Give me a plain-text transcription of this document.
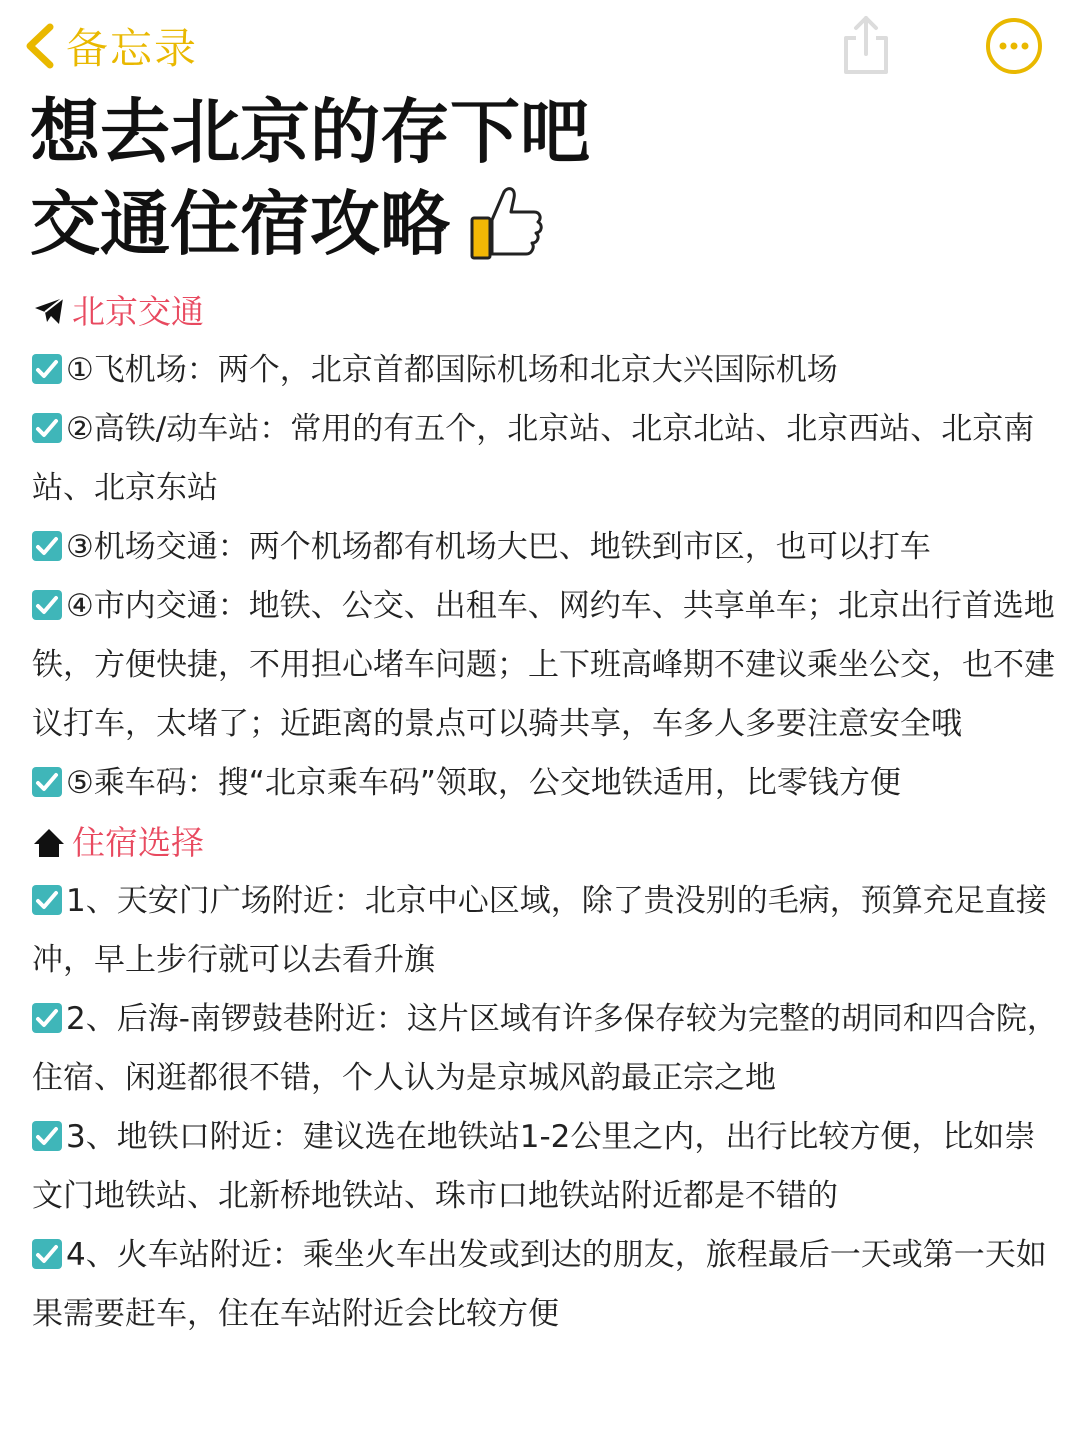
备忘录
想去北京的存下吧
交通住宿攻略
北京交通
①飞机场：两个，北京首都国际机场和北京大兴国际机场
②高铁/动车站：常用的有五个，北京站、北京北站、北京西站、北京南站、北京东站
③机场交通：两个机场都有机场大巴、地铁到市区，也可以打车
④市内交通：地铁、公交、出租车、网约车、共享单车；北京出行首选地铁，方便快捷，不用担心堵车问题；上下班高峰期不建议乘坐公交，也不建议打车，太堵了；近距离的景点可以骑共享，车多人多要注意安全哦
⑤乘车码：搜“北京乘车码”领取，公交地铁适用，比零钱方便
住宿选择
1、天安门广场附近：北京中心区域，除了贵没别的毛病，预算充足直接冲，早上步行就可以去看升旗
2、后海-南锣鼓巷附近：这片区域有许多保存较为完整的胡同和四合院，住宿、闲逛都很不错，个人认为是京城风韵最正宗之地
3、地铁口附近：建议选在地铁站1-2公里之内，出行比较方便，比如崇文门地铁站、北新桥地铁站、珠市口地铁站附近都是不错的
4、火车站附近：乘坐火车出发或到达的朋友，旅程最后一天或第一天如果需要赶车，住在车站附近会比较方便
